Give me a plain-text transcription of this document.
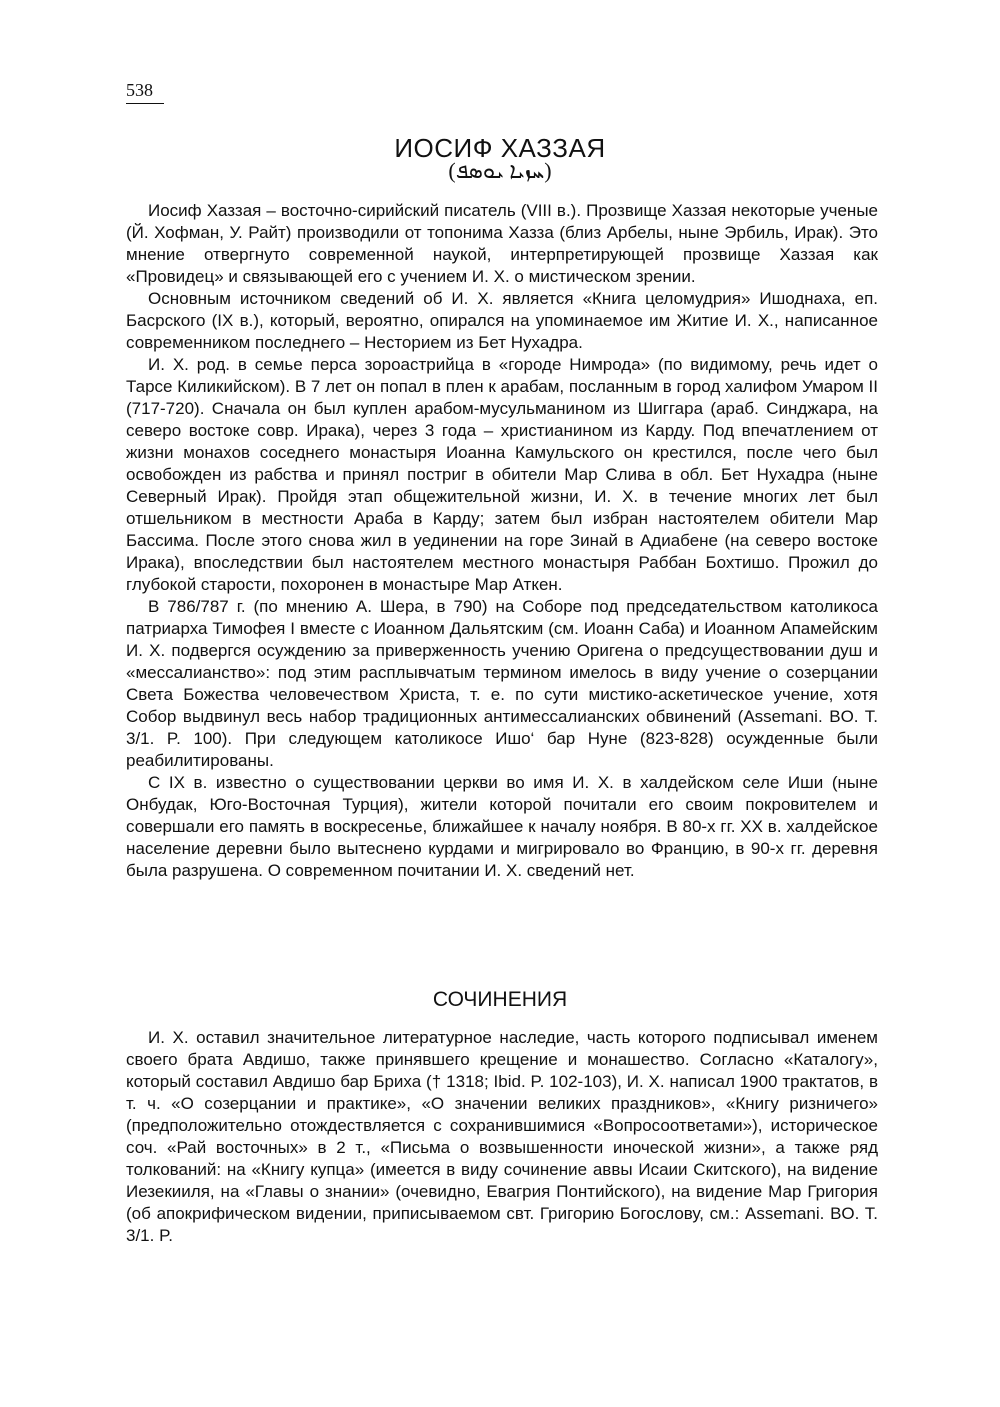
538
ИОСИФ ХАЗЗАЯ
(ܚܙܝܐ ܝܘܣܦ)

Иосиф Хаззая – восточно-сирийский писатель (VIII в.). Прозвище Хаззая некоторые ученые (Й. Хофман, У. Райт) производили от топонима Хазза (близ Арбелы, ныне Эрбиль, Ирак). Это мнение отвергнуто современной наукой, интерпретирующей прозвище Хаззая как «Провидец» и связывающей его с учением И. Х. о мистическом зрении.

Основным источником сведений об И. Х. является «Книга целомудрия» Ишоднаха, еп. Басрского (IX в.), который, вероятно, опирался на упоминаемое им Житие И. Х., написанное современником последнего – Несторием из Бет Нухадра.

И. Х. род. в семье перса зороастрийца в «городе Нимрода» (по видимому, речь идет о Тарсе Киликийском). В 7 лет он попал в плен к арабам, посланным в город халифом Умаром II (717-720). Сначала он был куплен арабом-мусульманином из Шиггара (араб. Синджара, на северо востоке совр. Ирака), через 3 года – христианином из Карду. Под впечатлением от жизни монахов соседнего монастыря Иоанна Камульского он крестился, после чего был освобожден из рабства и принял постриг в обители Мар Слива в обл. Бет Нухадра (ныне Северный Ирак). Пройдя этап общежительной жизни, И. Х. в течение многих лет был отшельником в местности Араба в Карду; затем был избран настоятелем обители Мар Бассима. После этого снова жил в уединении на горе Зинай в Адиабене (на северо востоке Ирака), впоследствии был настоятелем местного монастыря Раббан Бохтишо. Прожил до глубокой старости, похоронен в монастыре Мар Аткен.

В 786/787 г. (по мнению А. Шера, в 790) на Соборе под председательством католикоса патриарха Тимофея I вместе с Иоанном Дальятским (см. Иоанн Саба) и Иоанном Апамейским И. Х. подвергся осуждению за приверженность учению Оригена о предсуществовании душ и «мессалианство»: под этим расплывчатым термином имелось в виду учение о созерцании Света Божества человечеством Христа, т. е. по сути мистико-аскетическое учение, хотя Собор выдвинул весь набор традиционных антимессалианских обвинений (Assemani. BO. T. 3/1. P. 100). При следующем католикосе Ишо‘ бар Нуне (823-828) осужденные были реабилитированы.

С IX в. известно о существовании церкви во имя И. Х. в халдейском селе Иши (ныне Онбудак, Юго-Восточная Турция), жители которой почитали его своим покровителем и совершали его память в воскресенье, ближайшее к началу ноября. В 80-х гг. XX в. халдейское население деревни было вытеснено курдами и мигрировало во Францию, в 90-х гг. деревня была разрушена. О современном почитании И. Х. сведений нет.

СОЧИНЕНИЯ

И. Х. оставил значительное литературное наследие, часть которого подписывал именем своего брата Авдишо, также принявшего крещение и монашество. Согласно «Каталогу», который составил Авдишо бар Бриха († 1318; Ibid. P. 102-103), И. Х. написал 1900 трактатов, в т. ч. «О созерцании и практике», «О значении великих праздников», «Книгу ризничего» (предположительно отождествляется с сохранившимися «Вопросоответами»), историческое соч. «Рай восточных» в 2 т., «Письма о возвышенности иноческой жизни», а также ряд толкований: на «Книгу купца» (имеется в виду сочинение аввы Исаии Скитского), на видение Иезекииля, на «Главы о знании» (очевидно, Евагрия Понтийского), на видение Мар Григория (об апокрифическом видении, приписываемом свт. Григорию Богослову, см.: Assemani. BO. T. 3/1. P.
